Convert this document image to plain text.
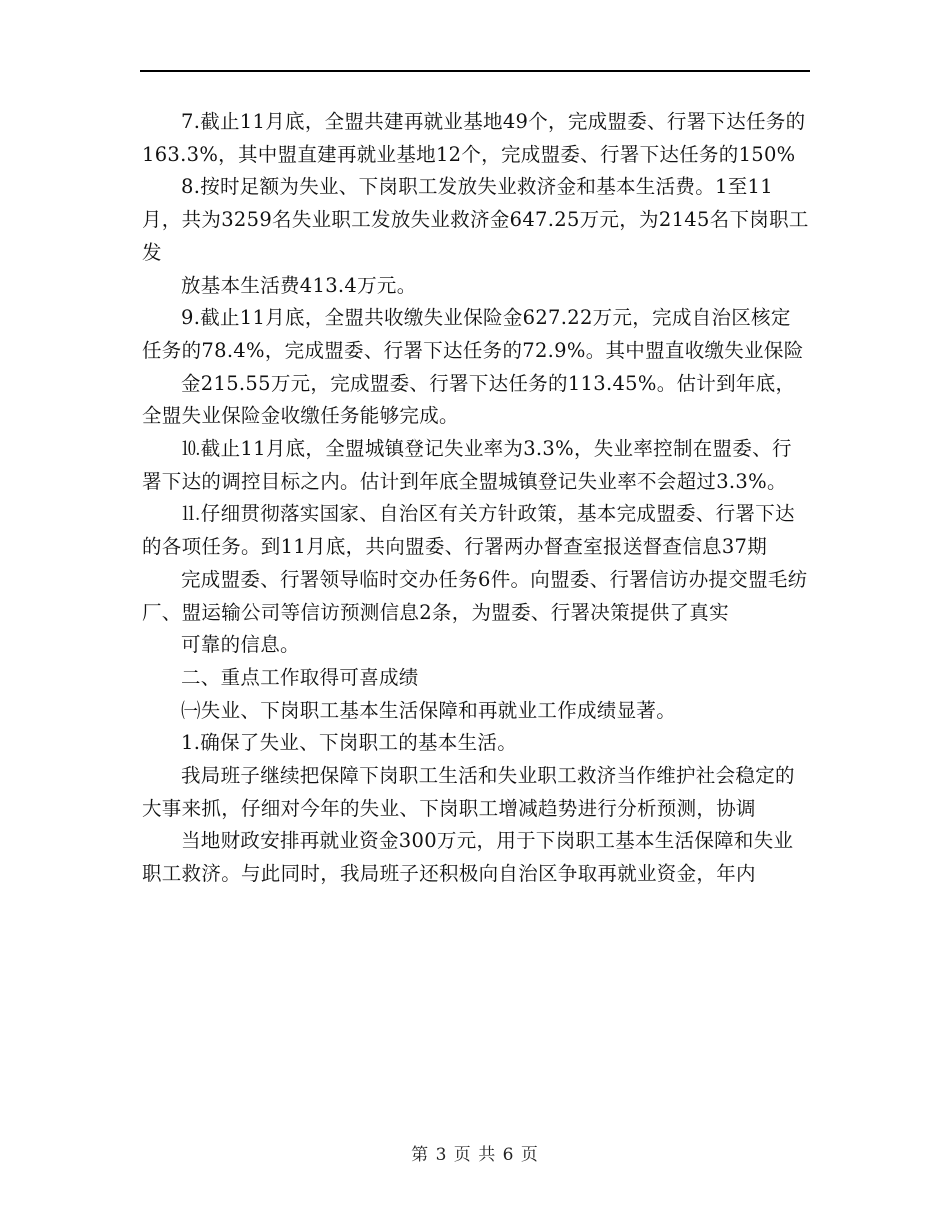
7.截止11月底，全盟共建再就业基地49个，完成盟委、行署下达任务的163.3%，其中盟直建再就业基地12个，完成盟委、行署下达任务的150%

8.按时足额为失业、下岗职工发放失业救济金和基本生活费。1至11月，共为3259名失业职工发放失业救济金647.25万元，为2145名下岗职工发

放基本生活费413.4万元。

9.截止11月底，全盟共收缴失业保险金627.22万元，完成自治区核定任务的78.4%，完成盟委、行署下达任务的72.9%。其中盟直收缴失业保险

金215.55万元，完成盟委、行署下达任务的113.45%。估计到年底，全盟失业保险金收缴任务能够完成。

⒑截止11月底，全盟城镇登记失业率为3.3%，失业率控制在盟委、行署下达的调控目标之内。估计到年底全盟城镇登记失业率不会超过3.3%。

⒒仔细贯彻落实国家、自治区有关方针政策，基本完成盟委、行署下达的各项任务。到11月底，共向盟委、行署两办督查室报送督查信息37期

完成盟委、行署领导临时交办任务6件。向盟委、行署信访办提交盟毛纺厂、盟运输公司等信访预测信息2条，为盟委、行署决策提供了真实

可靠的信息。

二、重点工作取得可喜成绩

㈠失业、下岗职工基本生活保障和再就业工作成绩显著。

1.确保了失业、下岗职工的基本生活。

我局班子继续把保障下岗职工生活和失业职工救济当作维护社会稳定的大事来抓，仔细对今年的失业、下岗职工增减趋势进行分析预测，协调

当地财政安排再就业资金300万元，用于下岗职工基本生活保障和失业职工救济。与此同时，我局班子还积极向自治区争取再就业资金，年内

第 3 页 共 6 页
